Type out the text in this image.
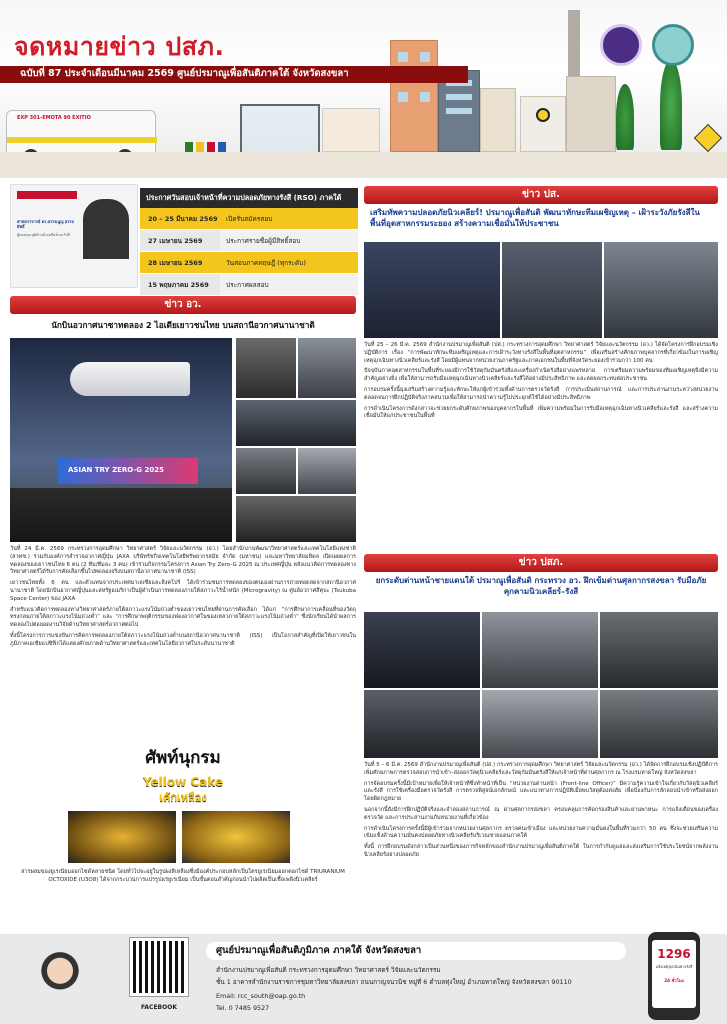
จดหมายข่าว ปสภ.
ฉบับที่ 87 ประจำเดือนมีนาคม 2569 ศูนย์ปรมาณูเพื่อสันติภาคใต้ จังหวัดสงขลา
EXP 301-EMOTA 90 EXITIO
ศาสตราจารย์ ดร.ธรรมนูญ อรรถสิทธิ์
ผู้ทรงคุณวุฒิด้านนิวเคลียร์และรังสี
ประกาศวันสอบเจ้าหน้าที่ความปลอดภัยทางรังสี (RSO) ภาคใต้
20 – 25 มีนาคม 2569	เปิดรับสมัครสอบ
27 เมษายน 2569	ประกาศรายชื่อผู้มีสิทธิ์สอบ
28 เมษายน 2569	วันสอบภาคทฤษฎี (ทุกระดับ)
15 พฤษภาคม 2569	ประกาศผลสอบ
ข่าว อว.
นักบินอวกาศนาซาทดลอง 2 ไอเดียเยาวชนไทย บนสถานีอวกาศนานาชาติ
ASIAN TRY ZERO-G 2025

วันที่ 24 มี.ค. 2569 กระทรวงการอุดมศึกษา วิทยาศาสตร์ วิจัยและนวัตกรรม (อว.) โดยสำนักงานพัฒนาวิทยาศาสตร์และเทคโนโลยีแห่งชาติ (สวทช.) ร่วมกับองค์การสำรวจอวกาศญี่ปุ่น JAXA บริษัทรัชกิจเทคโนโลยีทรัพยากรสมัย จำกัด (มหาชน) และมหาวิทยาลัยมหิดล เปิดเผยผลการทดลองของเยาวชนไทย 6 คน (2 ทีม/ทีมละ 3 คน) เข้าร่วมกิจกรรมโครงการ Asian Try Zero-G 2025 ณ ประเทศญี่ปุ่น หลังแนวคิดการทดลองทางวิทยาศาสตร์ได้รับการคัดเลือกขึ้นไปทดลองจริงบนสถานีอวกาศนานาชาติ (ISS)

เยาวชนไทยทั้ง 6 คน และตัวแทนจากประเทศมาเลเซียและสิงคโปร์ ได้เข้าร่วมชมการทดลองของตนเองผ่านการถ่ายทอดสดจากสถานีอวกาศนานาชาติ โดยนักบินอวกาศญี่ปุ่นและสหรัฐอเมริกาเป็นผู้ดำเนินการทดลองภายใต้สภาวะไร้น้ำหนัก (Microgravity) ณ ศูนย์อวกาศสึคุบะ (Tsukuba Space Center) ของ JAXA

สำหรับแนวคิดการทดลองทางวิทยาศาสตร์ภายใต้สภาวะแรงโน้มถ่วงต่ำของเยาวชนไทยที่ผ่านการคัดเลือก ได้แก่ “การศึกษาการเคลื่อนที่ของวัตถุทรงกลมภายใต้สภาวะแรงโน้มถ่วงต่ำ” และ “การศึกษาพฤติกรรมของฟองอากาศในของเหลวภายใต้สภาวะแรงโน้มถ่วงต่ำ” ซึ่งนักเรียนได้นำผลการทดลองไปต่อยอดงานวิจัยด้านวิทยาศาสตร์อวกาศต่อไป

ทั้งนี้โครงการการแข่งขันการคิดการทดลองภายใต้สภาวะแรงโน้มถ่วงต่ำบนสถานีอวกาศนานาชาติ (ISS) เป็นโอกาสสำคัญที่เปิดให้เยาวชนในภูมิภาคเอเชียแปซิฟิกได้แสดงศักยภาพด้านวิทยาศาสตร์และเทคโนโลยีอวกาศในระดับนานาชาติ

ศัพท์นุกรม
Yellow Cake
เค้กเหลือง
สารผสมของยูเรเนียมออกไซด์หลายชนิด โดยทั่วไปจะอยู่ในรูปผงสีเหลืองซึ่งมีองค์ประกอบหลักเป็นไตรยูเรเนียมออกตอกไซด์ TRIURANIUM OCTOXIDE (U3O8) ได้จากกระบวนการแปรรูปแร่ยูเรเนียม เป็นขั้นตอนสำคัญก่อนนำไปผลิตเป็นเชื้อเพลิงนิวเคลียร์
ข่าว ปส.
เสริมทัพความปลอดภัยนิวเคลียร์! ปรมาณูเพื่อสันติ พัฒนาทักษะทีมเผชิญเหตุ – เฝ้าระวังภัยรังสีในพื้นที่อุตสาหกรรมระยอง สร้างความเชื่อมั่นให้ประชาชน

วันที่ 25 – 26 มี.ค. 2569 สำนักงานปรมาณูเพื่อสันติ (ปส.) กระทรวงการอุดมศึกษา วิทยาศาสตร์ วิจัยและนวัตกรรม (อว.) ได้จัดโครงการฝึกอบรมเชิงปฏิบัติการ เรื่อง “การพัฒนาทักษะทีมเผชิญเหตุและการเฝ้าระวังทางรังสีในพื้นที่อุตสาหกรรม” เพื่อเสริมสร้างศักยภาพบุคลากรที่เกี่ยวข้องในการเผชิญเหตุฉุกเฉินทางนิวเคลียร์และรังสี โดยมีผู้แทนจากหน่วยงานภาครัฐและภาคเอกชนในพื้นที่จังหวัดระยองเข้าร่วมกว่า 100 คน

ปัจจุบันภาคอุตสาหกรรมในพื้นที่ระยองมีการใช้วัสดุกัมมันตรังสีและเครื่องกำเนิดรังสีอย่างแพร่หลาย การเตรียมความพร้อมของทีมเผชิญเหตุจึงมีความสำคัญอย่างยิ่ง เพื่อให้สามารถรับมือเหตุฉุกเฉินทางนิวเคลียร์และรังสีได้อย่างมีประสิทธิภาพ และลดผลกระทบต่อประชาชน

การอบรมครั้งนี้มุ่งเสริมสร้างความรู้และทักษะให้แก่ผู้เข้าร่วมทั้งด้านการตรวจวัดรังสี การประเมินสถานการณ์ และการประสานงานระหว่างหน่วยงาน ตลอดจนการฝึกปฏิบัติจริงภาคสนามเพื่อให้สามารถนำความรู้ไปประยุกต์ใช้ได้อย่างมีประสิทธิภาพ

การดำเนินโครงการดังกล่าวจะช่วยยกระดับศักยภาพของบุคลากรในพื้นที่ เพิ่มความพร้อมในการรับมือเหตุฉุกเฉินทางนิวเคลียร์และรังสี และสร้างความเชื่อมั่นให้แก่ประชาชนในพื้นที่

ข่าว ปสภ.
ยกระดับด่านหน้าชายแดนใต้ ปรมาณูเพื่อสันติ กระทรวง อว. ฝึกเข้มด่านศุลกากรสงขลา รับมือภัยคุกคามนิวเคลียร์–รังสี

วันที่ 5 – 6 มี.ค. 2569 สำนักงานปรมาณูเพื่อสันติ (ปส.) กระทรวงการอุดมศึกษา วิทยาศาสตร์ วิจัยและนวัตกรรม (อว.) ได้จัดการฝึกอบรมเชิงปฏิบัติการเพิ่มศักยภาพการตรวจสอบการนำเข้า–ส่งออกวัสดุนิวเคลียร์และวัสดุกัมมันตรังสีให้แก่เจ้าหน้าที่ด่านศุลกากร ณ โรงแรมหาดใหญ่ จังหวัดสงขลา

การจัดอบรมครั้งนี้มีเป้าหมายเพื่อให้เจ้าหน้าที่ซึ่งทำหน้าที่เป็น “หน่วยงานด่านหน้า (Front-line Officer)” มีความรู้ความเข้าใจเกี่ยวกับวัสดุนิวเคลียร์และรังสี การใช้เครื่องมือตรวจวัดรังสี การตรวจพิสูจน์เอกลักษณ์ และแนวทางการปฏิบัติเมื่อพบวัสดุต้องสงสัย เพื่อป้องกันการลักลอบนำเข้าหรือส่งออกโดยผิดกฎหมาย

นอกจากนี้ยังมีการฝึกปฏิบัติจริงและจำลองสถานการณ์ ณ ด่านศุลกากรสงขลา ครอบคลุมการคัดกรองสินค้าและยานพาหนะ การแจ้งเตือนของเครื่องตรวจวัด และการประสานงานกับหน่วยงานที่เกี่ยวข้อง

การดำเนินโครงการครั้งนี้มีผู้เข้าร่วมจากหน่วยงานศุลกากร ตรวจคนเข้าเมือง และหน่วยงานความมั่นคงในพื้นที่รวมกว่า 50 คน ซึ่งจะช่วยเสริมความเข้มแข็งด้านความมั่นคงปลอดภัยทางนิวเคลียร์บริเวณชายแดนภาคใต้

ทั้งนี้ การฝึกอบรมดังกล่าวเป็นส่วนหนึ่งของภารกิจหลักของสำนักงานปรมาณูเพื่อสันติภาคใต้ ในการกำกับดูแลและส่งเสริมการใช้ประโยชน์จากพลังงานนิวเคลียร์อย่างปลอดภัย

FACEBOOK
ศูนย์ปรมาณูเพื่อสันติภูมิภาค ภาคใต้ จังหวัดสงขลา
สำนักงานปรมาณูเพื่อสันติ กระทรวงการอุดมศึกษา วิทยาศาสตร์ วิจัยและนวัตกรรม
ชั้น 1 อาคารสำนักงานราชการชุมหาวิทยาลัยสงขลา ถนนกาญจนวนิช หมู่ที่ 6 ตำบลทุ่งใหญ่ อำเภอหาดใหญ่ จังหวัดสงขลา 90110
Email: rcc_south@oap.go.th
Tel. 0 7485 9527
1296
แจ้งเหตุฉุกเฉินทางรังสี
24 ชั่วโมง
